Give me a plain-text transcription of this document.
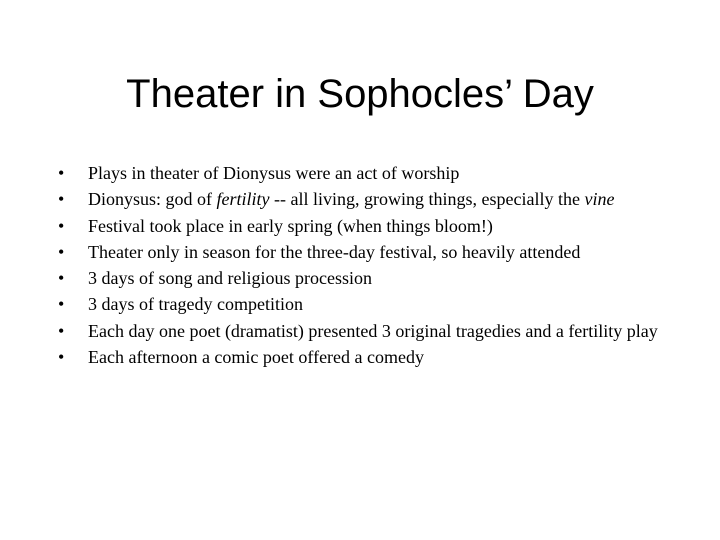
Theater in Sophocles’ Day
•	Plays in theater of Dionysus were an act of worship
•	Dionysus: god of fertility -- all living, growing things, especially the vine
•	Festival took place in early spring (when things bloom!)
•	Theater only in season for the three-day festival, so heavily attended
•	3 days of song and religious procession
•	3 days of tragedy competition
•	Each day one poet (dramatist) presented 3 original tragedies and a fertility play
•	Each afternoon a comic poet offered a comedy
